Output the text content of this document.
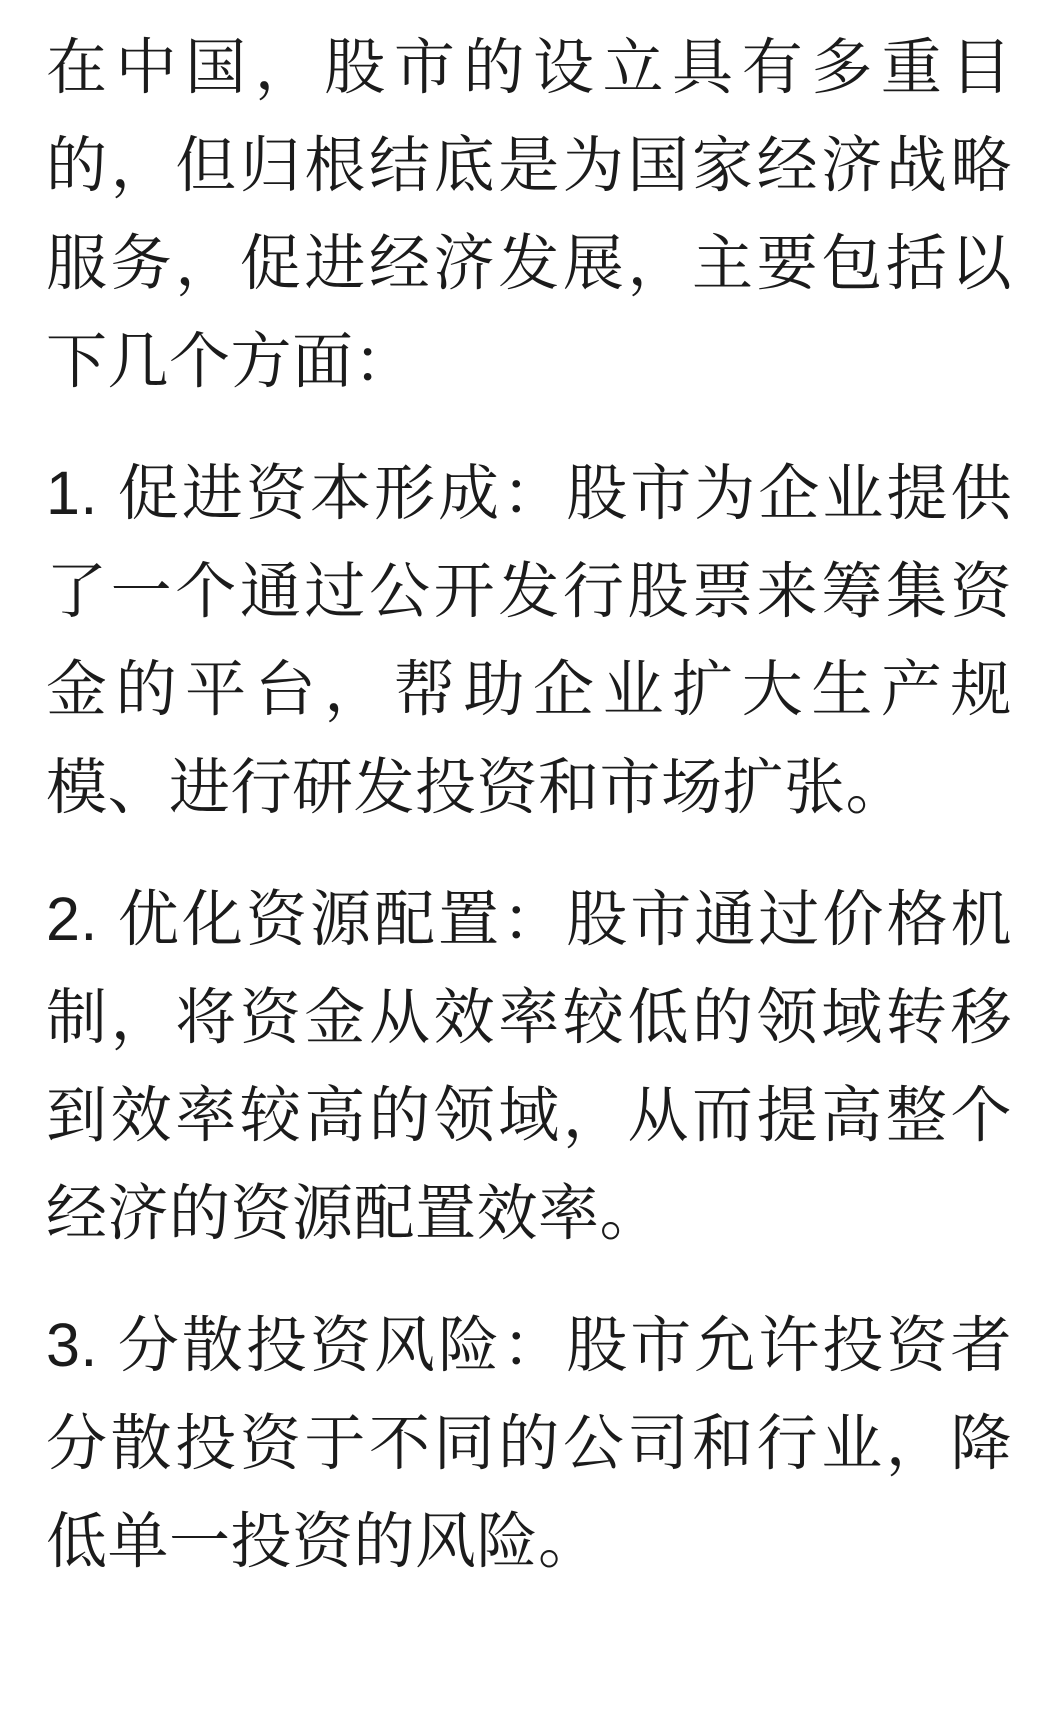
在中国，股市的设立具有多重目的，但归根结底是为国家经济战略服务，促进经济发展，主要包括以下几个方面：

1. 促进资本形成：股市为企业提供了一个通过公开发行股票来筹集资金的平台，帮助企业扩大生产规模、进行研发投资和市场扩张。

2. 优化资源配置：股市通过价格机制，将资金从效率较低的领域转移到效率较高的领域，从而提高整个经济的资源配置效率。

3. 分散投资风险：股市允许投资者分散投资于不同的公司和行业，降低单一投资的风险。
